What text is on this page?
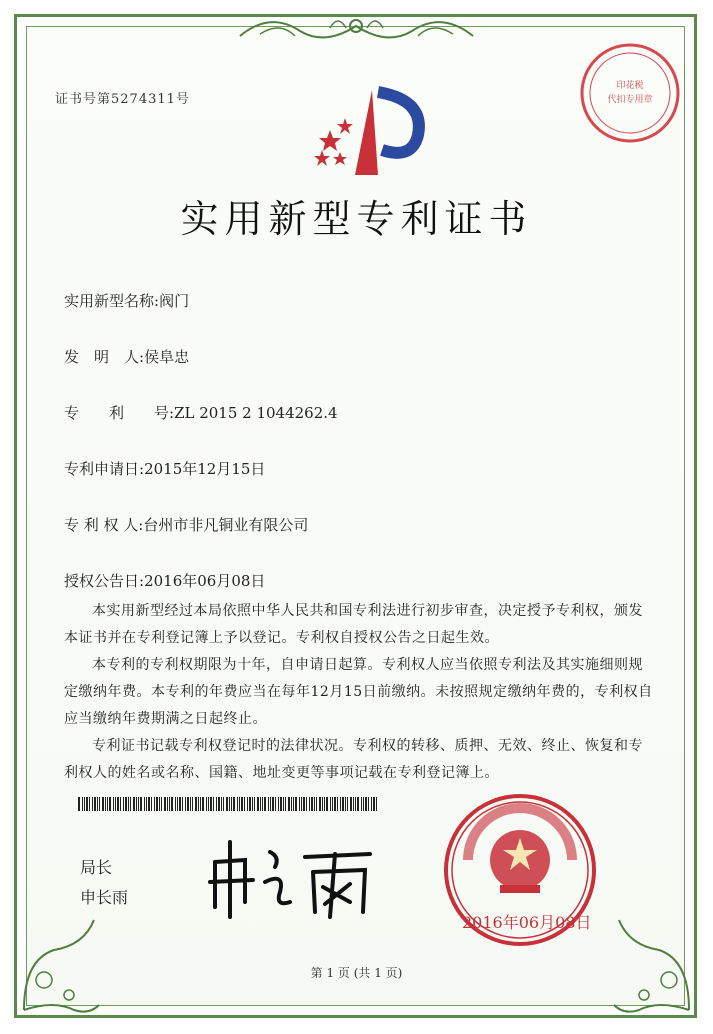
证书号第5274311号
印花税
代扣专用章
实用新型专利证书
实用新型名称:阀门
发　明　人:侯阜忠
专　　利　　号:ZL 2015 2 1044262.4
专利申请日:2015年12月15日
专 利 权 人:台州市非凡铜业有限公司
授权公告日:2016年06月08日
本实用新型经过本局依照中华人民共和国专利法进行初步审查，决定授予专利权，颁发本证书并在专利登记簿上予以登记。专利权自授权公告之日起生效。
本专利的专利权期限为十年，自申请日起算。专利权人应当依照专利法及其实施细则规定缴纳年费。本专利的年费应当在每年12月15日前缴纳。未按照规定缴纳年费的，专利权自应当缴纳年费期满之日起终止。
专利证书记载专利权登记时的法律状况。专利权的转移、质押、无效、终止、恢复和专利权人的姓名或名称、国籍、地址变更等事项记载在专利登记簿上。
局长
申长雨
2016年06月08日
第 1 页 (共 1 页)
